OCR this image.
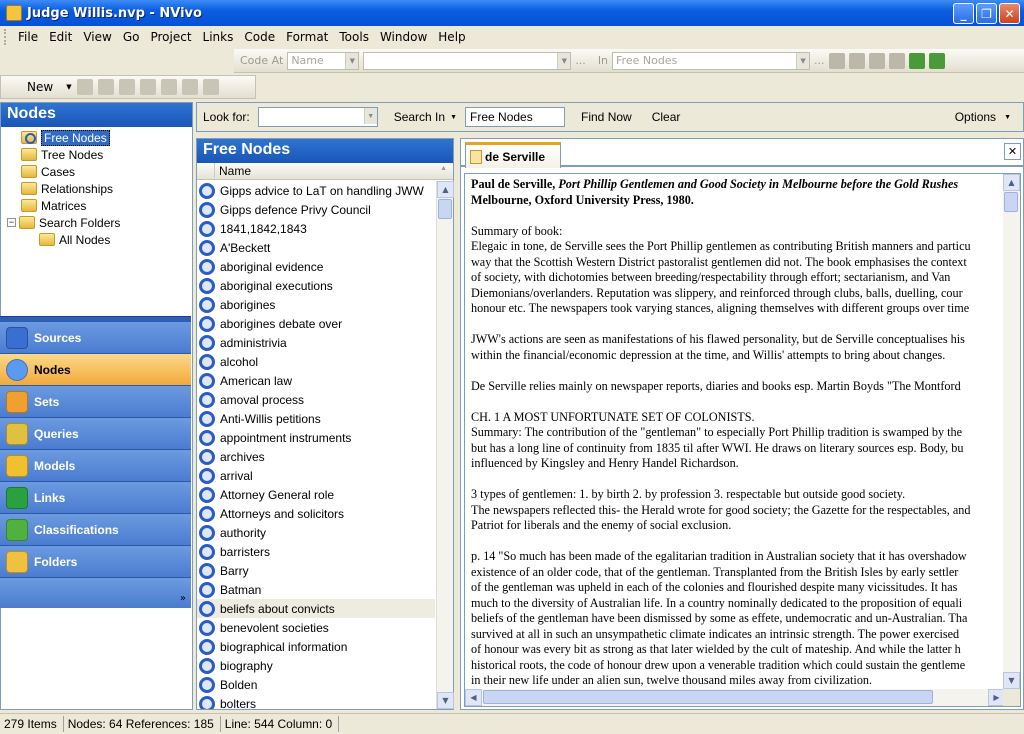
Judge Willis.nvp - NVivo	_	❐	✕
File Edit View Go Project Links Code Format Tools Window Help
Code At Name	▼	▼ ... In Free Nodes	▼ ...
New	▼
Nodes
Free Nodes
Tree Nodes
Cases
Relationships
Matrices
− Search Folders
All Nodes
Sources
Nodes
Sets
Queries
Models
Links
Classifications
Folders
»
Look for:	▼ Search In ▼	Free Nodes	Find Now Clear	Options ▼
Free Nodes
Name	▲
Gipps advice to LaT on handling JWW
Gipps defence Privy Council
1841,1842,1843
A'Beckett
aboriginal evidence
aboriginal executions
aborigines
aborigines debate over
administrivia
alcohol
American law
amoval process
Anti-Willis petitions
appointment instruments
archives
arrival
Attorney General role
Attorneys and solicitors
authority
barristers
Barry
Batman
beliefs about convicts
benevolent societies
biographical information
biography
Bolden
bolters
▲
▼
de Serville	✕

Paul de Serville, Port Phillip Gentlemen and Good Society in Melbourne before the Gold Rushes

Melbourne, Oxford University Press, 1980.

Summary of book:

Elegaic in tone, de Serville sees the Port Phillip gentlemen as contributing British manners and particu

way that the Scottish Western District pastoralist gentlemen did not. The book emphasises the context

of society, with dichotomies between breeding/respectability through effort; sectarianism, and Van

Diemonians/overlanders. Reputation was slippery, and reinforced through clubs, balls, duelling, cour

honour etc. The newspapers took varying stances, aligning themselves with different groups over time

JWW's actions are seen as manifestations of his flawed personality, but de Serville conceptualises his

within the financial/economic depression at the time, and Willis' attempts to bring about changes.

De Serville relies mainly on newspaper reports, diaries and books esp. Martin Boyds "The Montford

CH. 1 A MOST UNFORTUNATE SET OF COLONISTS.

Summary: The contribution of the "gentleman" to especially Port Phillip tradition is swamped by the

but has a long line of continuity from 1835 til after WWI. He draws on literary sources esp. Body, bu

influenced by Kingsley and Henry Handel Richardson.

3 types of gentlemen: 1. by birth 2. by profession 3. respectable but outside good society.

The newspapers reflected this- the Herald wrote for good society; the Gazette for the respectables, and

Patriot for liberals and the enemy of social exclusion.

p. 14 "So much has been made of the egalitarian tradition in Australian society that it has overshadow

existence of an older code, that of the gentleman. Transplanted from the British Isles by early settler

of the gentleman was upheld in each of the colonies and flourished despite many vicissitudes. It has

much to the diversity of Australian life. In a country nominally dedicated to the proposition of equali

beliefs of the gentleman have been dismissed by some as effete, undemocratic and un-Australian. Tha

survived at all in such an unsympathetic climate indicates an intrinsic strength. The power exercised

of honour was every bit as strong as that later wielded by the cult of mateship. And while the latter h

historical roots, the code of honour drew upon a venerable tradition which could sustain the gentleme

in their new life under an alien sun, twelve thousand miles away from civilization.

▲
▼
◀	▶
279 Items Nodes: 64 References: 185 Line: 544 Column: 0
